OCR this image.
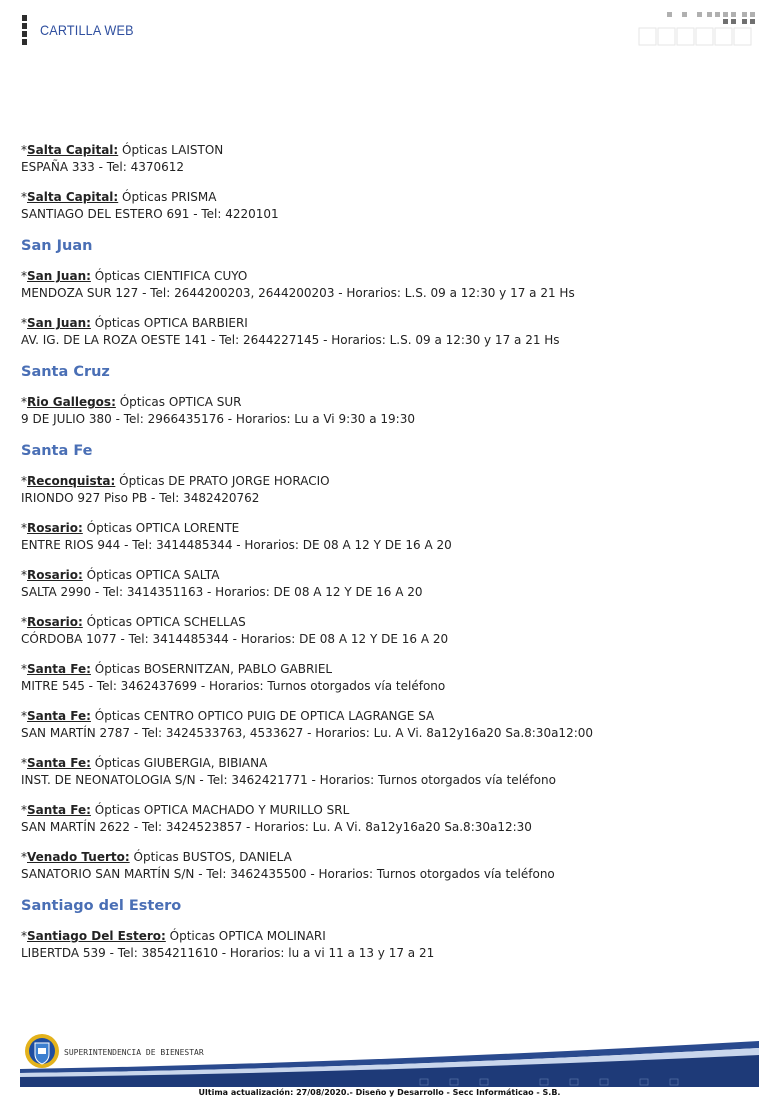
CARTILLA WEB
*Salta Capital: Ópticas LAISTON
ESPAÑA 333 - Tel: 4370612
*Salta Capital: Ópticas PRISMA
SANTIAGO DEL ESTERO 691 - Tel: 4220101
San Juan
*San Juan: Ópticas CIENTIFICA CUYO
MENDOZA SUR 127 - Tel: 2644200203, 2644200203 - Horarios: L.S. 09 a 12:30 y 17 a 21 Hs
*San Juan: Ópticas OPTICA BARBIERI
AV. IG. DE LA ROZA OESTE 141 - Tel: 2644227145 - Horarios: L.S. 09 a 12:30 y 17 a 21 Hs
Santa Cruz
*Rio Gallegos: Ópticas OPTICA SUR
9 DE JULIO 380 - Tel: 2966435176 - Horarios: Lu a Vi 9:30 a 19:30
Santa Fe
*Reconquista: Ópticas DE PRATO JORGE HORACIO
IRIONDO 927 Piso PB - Tel: 3482420762
*Rosario: Ópticas OPTICA LORENTE
ENTRE RIOS 944 - Tel: 3414485344 - Horarios: DE 08 A 12 Y DE 16 A 20
*Rosario: Ópticas OPTICA SALTA
SALTA 2990 - Tel: 3414351163 - Horarios: DE 08 A 12 Y DE 16 A 20
*Rosario: Ópticas OPTICA SCHELLAS
CÓRDOBA 1077 - Tel: 3414485344 - Horarios: DE 08 A 12 Y DE 16 A 20
*Santa Fe: Ópticas BOSERNITZAN, PABLO GABRIEL
MITRE 545 - Tel: 3462437699 - Horarios: Turnos otorgados vía teléfono
*Santa Fe: Ópticas CENTRO OPTICO PUIG DE OPTICA LAGRANGE SA
SAN MARTÍN 2787 - Tel: 3424533763, 4533627 - Horarios: Lu. A Vi. 8a12y16a20 Sa.8:30a12:00
*Santa Fe: Ópticas GIUBERGIA, BIBIANA
INST. DE NEONATOLOGIA S/N - Tel: 3462421771 - Horarios: Turnos otorgados vía teléfono
*Santa Fe: Ópticas OPTICA MACHADO Y MURILLO SRL
SAN MARTÍN 2622 - Tel: 3424523857 - Horarios: Lu. A Vi. 8a12y16a20 Sa.8:30a12:30
*Venado Tuerto: Ópticas BUSTOS, DANIELA
SANATORIO SAN MARTÍN S/N - Tel: 3462435500 - Horarios: Turnos otorgados vía teléfono
Santiago del Estero
*Santiago Del Estero: Ópticas OPTICA MOLINARI
LIBERTDA 539 - Tel: 3854211610 - Horarios: lu a vi 11 a 13 y 17 a 21
SUPERINTENDENCIA DE BIENESTAR
Ultima actualización: 27/08/2020.- Diseño y Desarrollo - Secc Informáticao - S.B.
